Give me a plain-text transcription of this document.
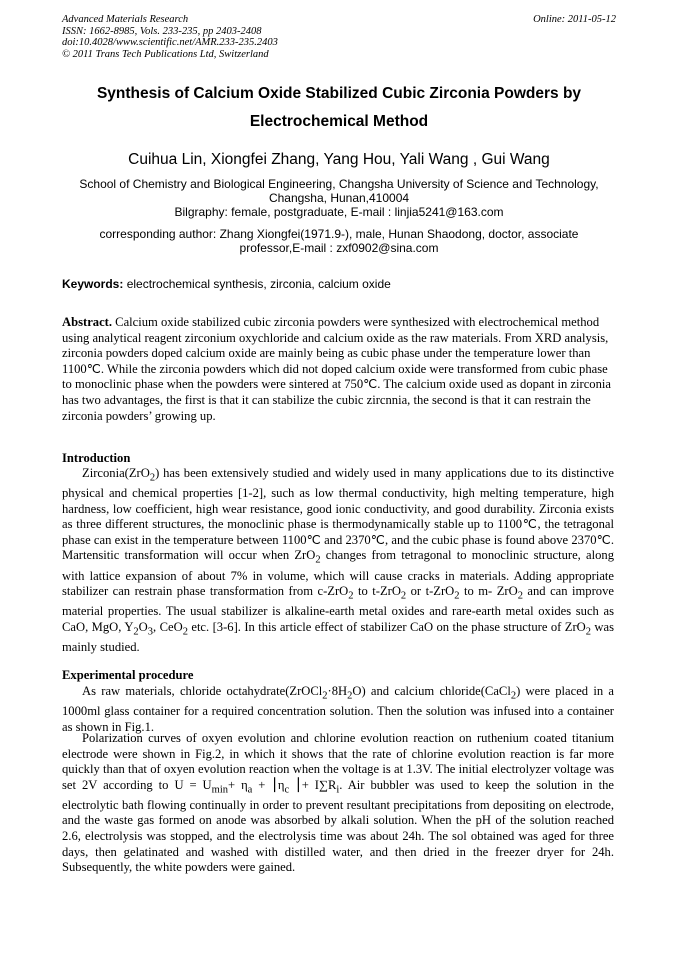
Advanced Materials Research
ISSN: 1662-8985, Vols. 233-235, pp 2403-2408
doi:10.4028/www.scientific.net/AMR.233-235.2403
© 2011 Trans Tech Publications Ltd, Switzerland
Online: 2011-05-12
Synthesis of Calcium Oxide Stabilized Cubic Zirconia Powders by
Electrochemical Method
Cuihua Lin, Xiongfei Zhang, Yang Hou, Yali Wang , Gui Wang
School of Chemistry and Biological Engineering, Changsha University of Science and Technology,
Changsha, Hunan,410004
Bilgraphy: female, postgraduate, E-mail : linjia5241@163.com
corresponding author: Zhang Xiongfei(1971.9-), male, Hunan Shaodong, doctor, associate
professor,E-mail : zxf0902@sina.com
Keywords: electrochemical synthesis, zirconia, calcium oxide
Abstract. Calcium oxide stabilized cubic zirconia powders were synthesized with electrochemical method using analytical reagent zirconium oxychloride and calcium oxide as the raw materials. From XRD analysis, zirconia powders doped calcium oxide are mainly being as cubic phase under the temperature lower than 1100℃. While the zirconia powders which did not doped calcium oxide were transformed from cubic phase to monoclinic phase when the powders were sintered at 750℃. The calcium oxide used as dopant in zirconia has two advantages, the first is that it can stabilize the cubic zircnnia, the second is that it can restrain the zirconia powders’ growing up.
Introduction
Zirconia(ZrO$_2$) has been extensively studied and widely used in many applications due to its distinctive physical and chemical properties [1-2], such as low thermal conductivity, high melting temperature, high hardness, low coefficient, high wear resistance, good ionic conductivity, and good durability. Zirconia exists as three different structures, the monoclinic phase is thermodynamically stable up to 1100℃, the tetragonal phase can exist in the temperature between 1100℃ and 2370℃, and the cubic phase is found above 2370℃. Martensitic transformation will occur when ZrO$_2$ changes from tetragonal to monoclinic structure, along with lattice expansion of about 7% in volume, which will cause cracks in materials. Adding appropriate stabilizer can restrain phase transformation from c-ZrO$_2$ to t-ZrO$_2$ or t-ZrO$_2$ to m- ZrO$_2$ and can improve material properties. The usual stabilizer is alkaline-earth metal oxides and rare-earth metal oxides such as CaO, MgO, $Y_2O_3$, CeO$_2$ etc. [3-6]. In this article effect of stabilizer CaO on the phase structure of ZrO$_2$ was mainly studied.
Experimental procedure
As raw materials, chloride $octahydrate(ZrOCl_2\cdot 8H_2O)$ and calcium chloride(CaCl$_2$) were placed in a 1000ml glass container for a required concentration solution. Then the solution was infused into a container as shown in Fig.1.
Polarization curves of oxyen evolution and chlorine evolution reaction on ruthenium coated titanium electrode were shown in Fig.2, in which it shows that the rate of chlorine evolution reaction is far more quickly than that of oxyen evolution reaction when the voltage is at 1.3V. The initial electrolyzer voltage was set 2V according to $U = U_{min}+ \eta_a$ + $⎮\eta_c$ ⎮+ $I\sum R_i$. Air bubbler was used to keep the solution in the electrolytic bath flowing continually in order to prevent resultant precipitations from depositing on electrode, and the waste gas formed on anode was absorbed by alkali solution. When the pH of the solution reached 2.6, electrolysis was stopped, and the electrolysis time was about 24h. The sol obtained was aged for three days, then gelatinated and washed with distilled water, and then dried in the freezer dryer for 24h. Subsequently, the white powders were gained.
